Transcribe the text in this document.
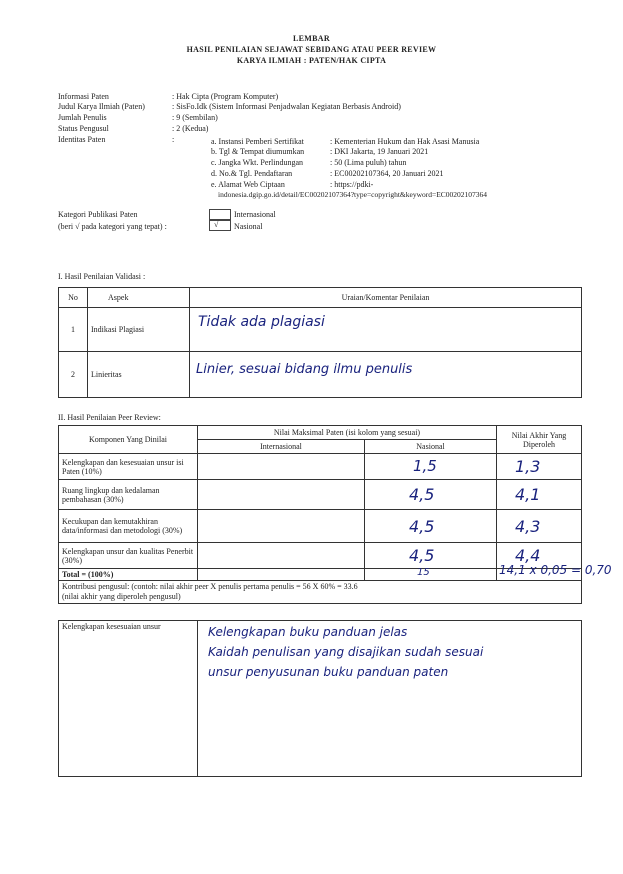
LEMBAR
HASIL PENILAIAN SEJAWAT SEBIDANG ATAU PEER REVIEW
KARYA ILMIAH : PATEN/HAK CIPTA
Informasi Paten	: Hak Cipta (Program Komputer)
Judul Karya Ilmiah (Paten)	: SisFo.Idk (Sistem Informasi Penjadwalan Kegiatan Berbasis Android)
Jumlah Penulis	: 9 (Sembilan)
Status Pengusul	: 2 (Kedua)
Identitas Paten	:	a. Instansi Pemberi Sertifikat	: Kementerian Hukum dan Hak Asasi Manusia
b. Tgl & Tempat diumumkan	: DKI Jakarta, 19 Januari 2021
c. Jangka Wkt. Perlindungan	: 50 (Lima puluh) tahun
d. No.& Tgl. Pendaftaran	: EC00202107364, 20 Januari 2021
e. Alamat Web Ciptaan	: https://pdki-
indonesia.dgip.go.id/detail/EC00202107364?type=copyright&keyword=EC00202107364
Kategori Publikasi Paten
(beri √ pada kategori yang tepat) :
Internasional
√ Nasional
I. Hasil Penilaian Validasi :
No	Aspek	Uraian/Komentar Penilaian
1	Indikasi Plagiasi	Tidak ada plagiasi

2	Linieritas	Linier, sesuai bidang ilmu penulis
II. Hasil Penilaian Peer Review:
Komponen Yang Dinilai	Nilai Maksimal Paten (isi kolom yang sesuai)		Nilai Akhir Yang Diperoleh
	Internasional	Nasional	
Kelengkapan dan kesesuaian unsur isi Paten (10%)		1,5	1,3

Ruang lingkup dan kedalaman pembahasan (30%)		4,5	4,1

Kecukupan dan kemutakhiran data/informasi dan metodologi (30%)		4,5	4,3

Kelengkapan unsur dan kualitas Penerbit (30%)		4,5	4,4

Total = (100%)		15	14,1 x 0,05 = 0,70

Kontribusi pengusul: (contoh: nilai akhir peer X penulis pertama penulis = 56 X 60% = 33.6
(nilai akhir yang diperoleh pengusul)			
Kelengkapan kesesuaian unsur	Kelengkapan buku panduan jelas
Kaidah penulisan yang disajikan sudah sesuai
unsur penyusunan buku panduan paten
